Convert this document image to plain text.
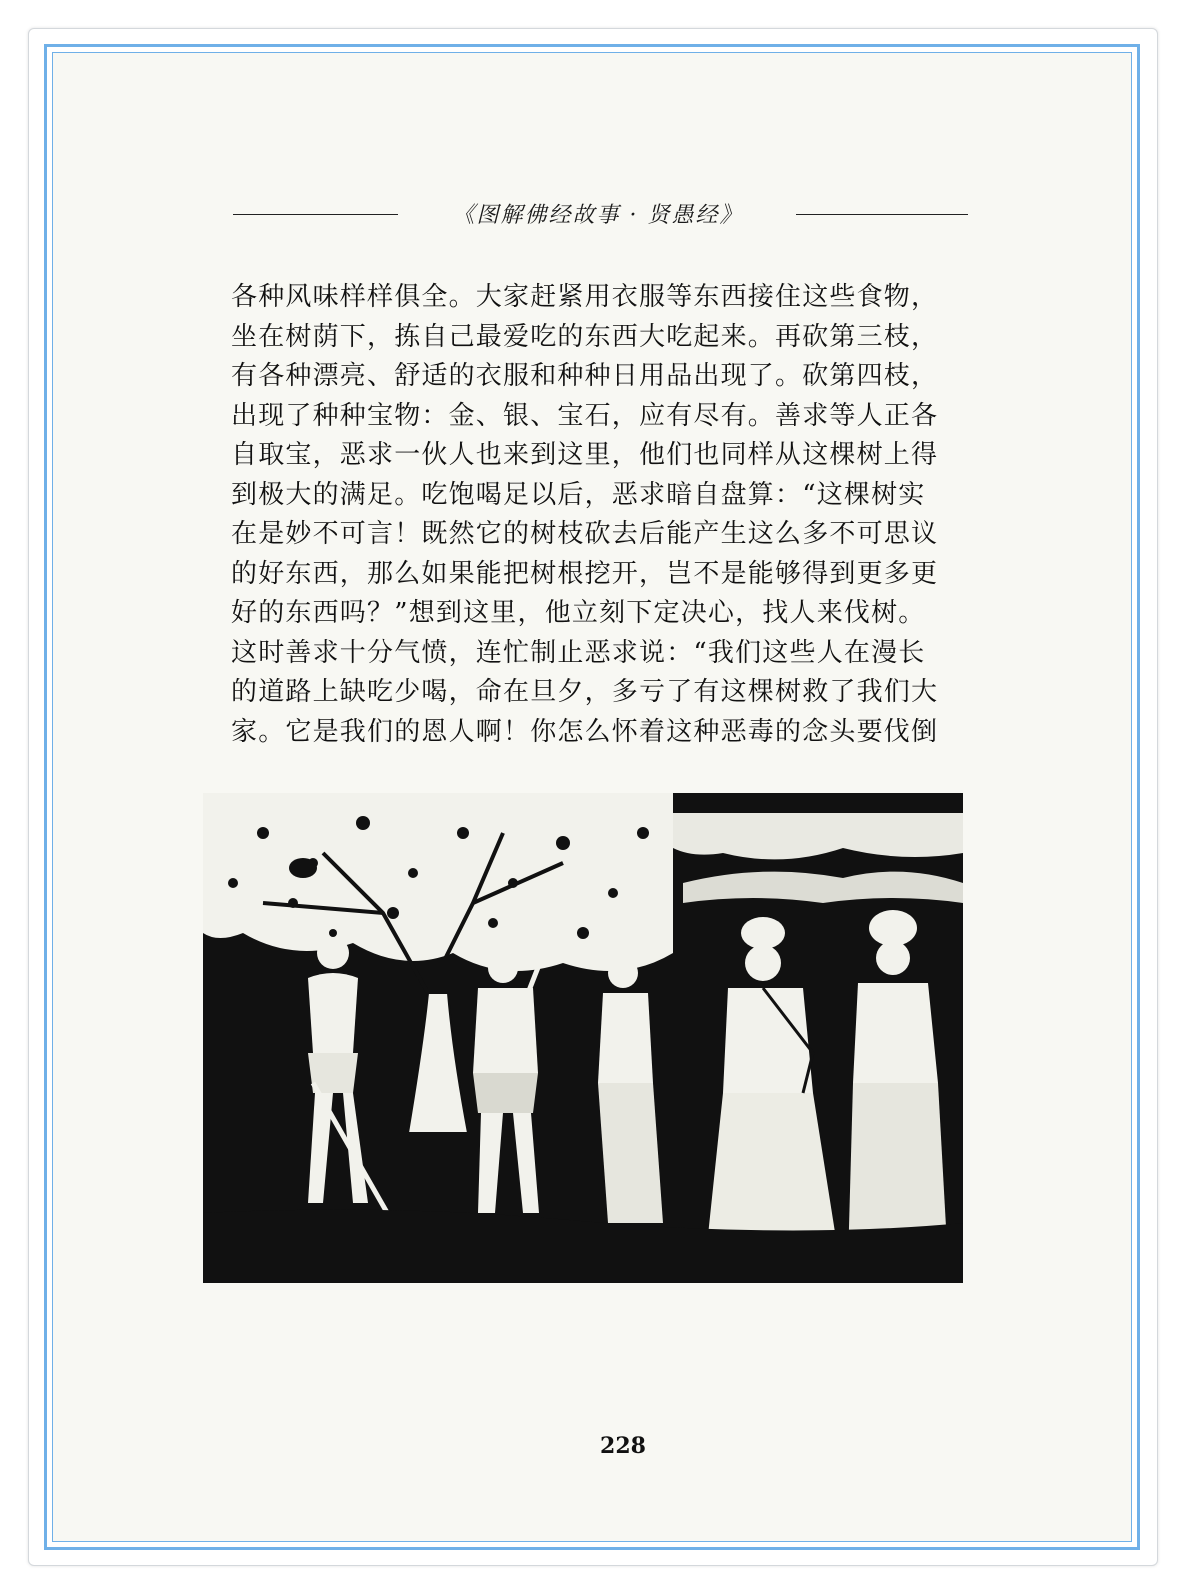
《图解佛经故事 · 贤愚经》
各种风味样样俱全。大家赶紧用衣服等东西接住这些食物，
坐在树荫下，拣自己最爱吃的东西大吃起来。再砍第三枝，
有各种漂亮、舒适的衣服和种种日用品出现了。砍第四枝，
出现了种种宝物：金、银、宝石，应有尽有。善求等人正各
自取宝，恶求一伙人也来到这里，他们也同样从这棵树上得
到极大的满足。吃饱喝足以后，恶求暗自盘算：“这棵树实
在是妙不可言！既然它的树枝砍去后能产生这么多不可思议
的好东西，那么如果能把树根挖开，岂不是能够得到更多更
好的东西吗？”想到这里，他立刻下定决心，找人来伐树。
这时善求十分气愤，连忙制止恶求说：“我们这些人在漫长
的道路上缺吃少喝，命在旦夕，多亏了有这棵树救了我们大
家。它是我们的恩人啊！你怎么怀着这种恶毒的念头要伐倒
228
